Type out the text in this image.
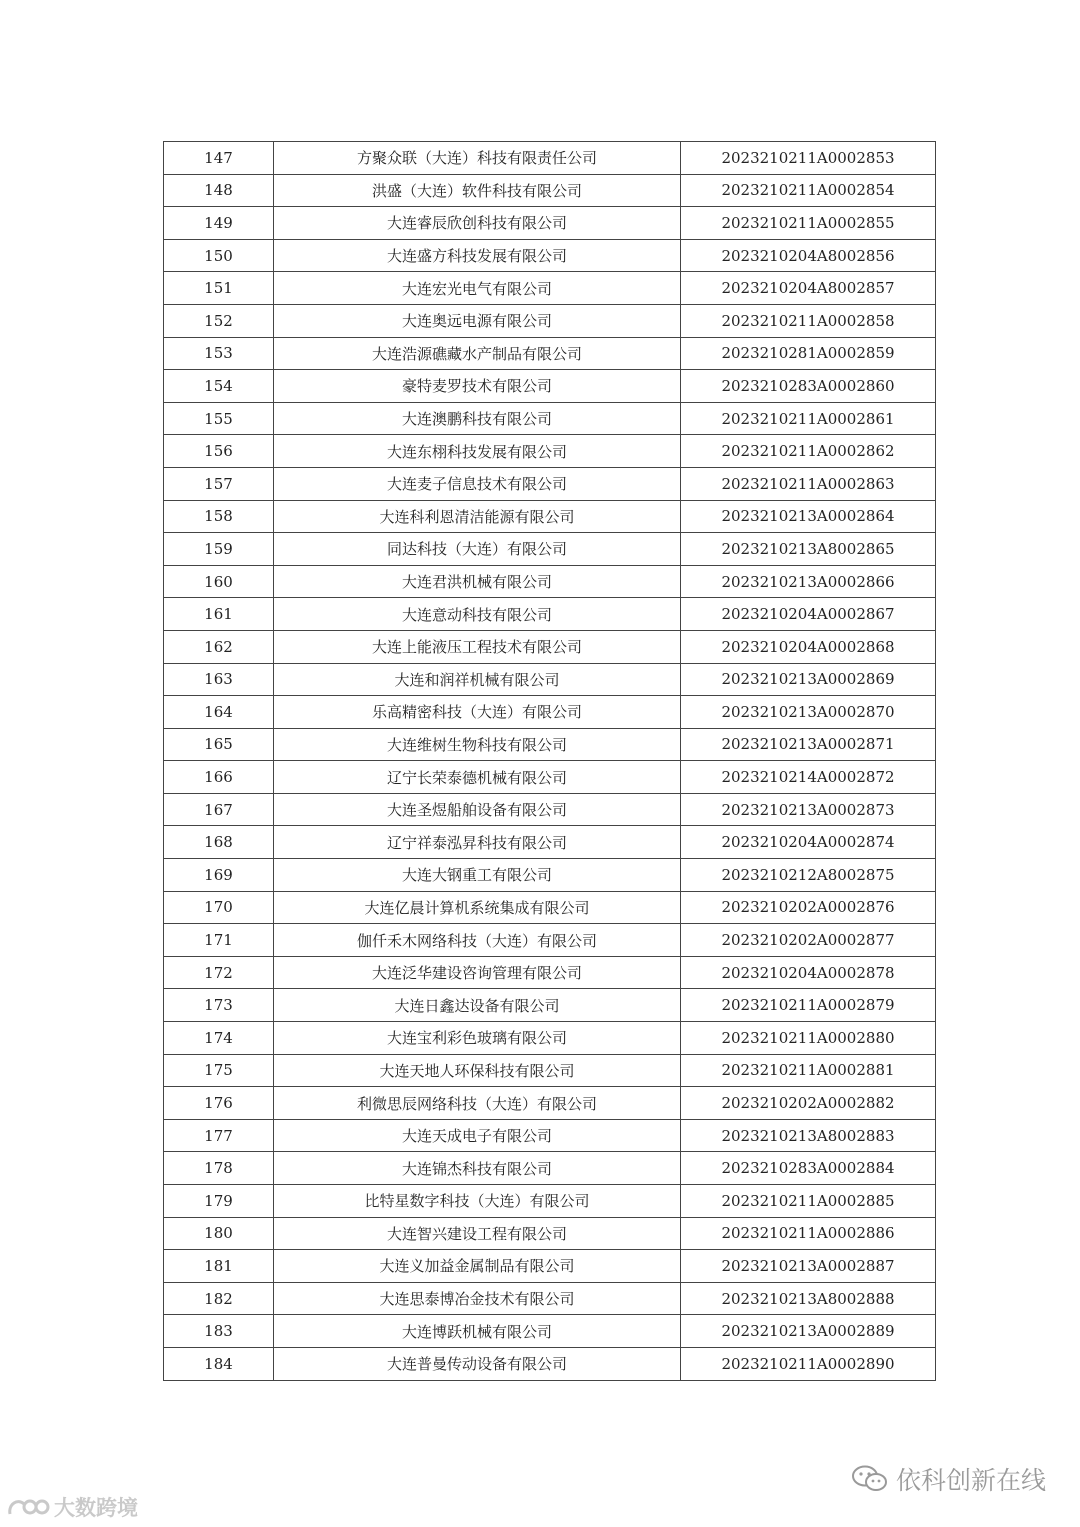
147	方聚众联（大连）科技有限责任公司	2023210211A0002853
148	洪盛（大连）软件科技有限公司	2023210211A0002854
149	大连睿辰欣创科技有限公司	2023210211A0002855
150	大连盛方科技发展有限公司	2023210204A8002856
151	大连宏光电气有限公司	2023210204A8002857
152	大连奥远电源有限公司	2023210211A0002858
153	大连浩源礁藏水产制品有限公司	2023210281A0002859
154	豪特麦罗技术有限公司	2023210283A0002860
155	大连澳鹏科技有限公司	2023210211A0002861
156	大连东栩科技发展有限公司	2023210211A0002862
157	大连麦子信息技术有限公司	2023210211A0002863
158	大连科利恩清洁能源有限公司	2023210213A0002864
159	同达科技（大连）有限公司	2023210213A8002865
160	大连君洪机械有限公司	2023210213A0002866
161	大连意动科技有限公司	2023210204A0002867
162	大连上能液压工程技术有限公司	2023210204A0002868
163	大连和润祥机械有限公司	2023210213A0002869
164	乐高精密科技（大连）有限公司	2023210213A0002870
165	大连维树生物科技有限公司	2023210213A0002871
166	辽宁长荣泰德机械有限公司	2023210214A0002872
167	大连圣煜船舶设备有限公司	2023210213A0002873
168	辽宁祥泰泓昇科技有限公司	2023210204A0002874
169	大连大钢重工有限公司	2023210212A8002875
170	大连亿晨计算机系统集成有限公司	2023210202A0002876
171	伽仟禾木网络科技（大连）有限公司	2023210202A0002877
172	大连泛华建设咨询管理有限公司	2023210204A0002878
173	大连日鑫达设备有限公司	2023210211A0002879
174	大连宝利彩色玻璃有限公司	2023210211A0002880
175	大连天地人环保科技有限公司	2023210211A0002881
176	利微思辰网络科技（大连）有限公司	2023210202A0002882
177	大连天成电子有限公司	2023210213A8002883
178	大连锦杰科技有限公司	2023210283A0002884
179	比特星数字科技（大连）有限公司	2023210211A0002885
180	大连智兴建设工程有限公司	2023210211A0002886
181	大连义加益金属制品有限公司	2023210213A0002887
182	大连思泰博冶金技术有限公司	2023210213A8002888
183	大连博跃机械有限公司	2023210213A0002889
184	大连普曼传动设备有限公司	2023210211A0002890
依科创新在线
大数跨境
